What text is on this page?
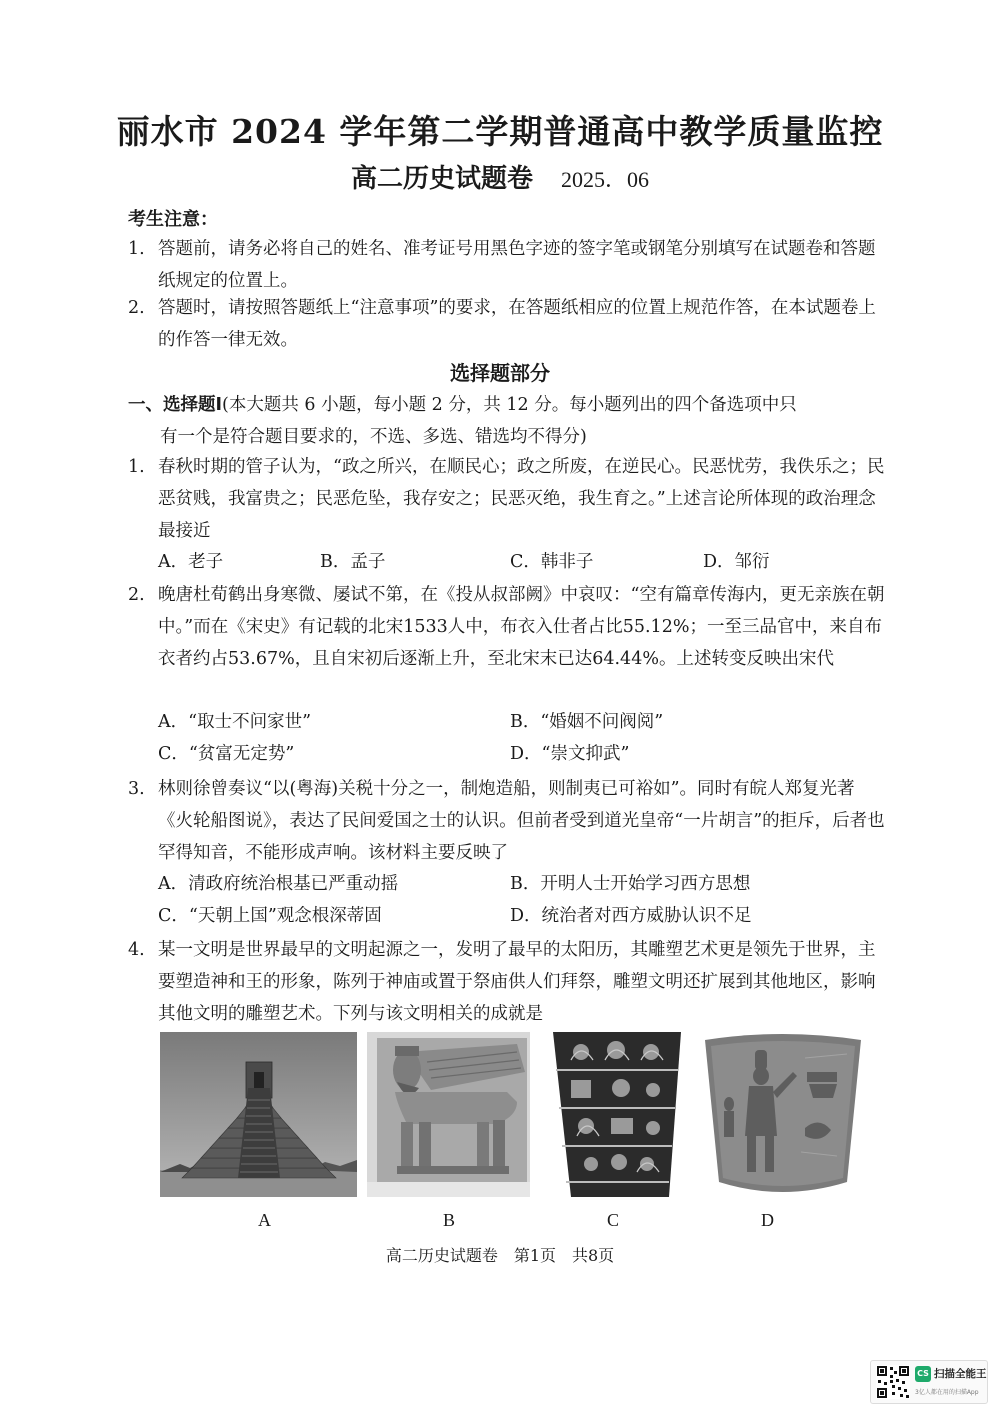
丽水市 2024 学年第二学期普通高中教学质量监控
高二历史试题卷 2025．06
考生注意：
1. 答题前，请务必将自己的姓名、准考证号用黑色字迹的签字笔或钢笔分别填写在试题卷和答题纸规定的位置上。
2. 答题时，请按照答题纸上“注意事项”的要求，在答题纸相应的位置上规范作答，在本试题卷上的作答一律无效。
选择题部分
一、选择题Ⅰ(本大题共 6 小题，每小题 2 分，共 12 分。每小题列出的四个备选项中只
有一个是符合题目要求的，不选、多选、错选均不得分)
1. 春秋时期的管子认为，“政之所兴，在顺民心；政之所废，在逆民心。民恶忧劳，我佚乐之；民恶贫贱，我富贵之；民恶危坠，我存安之；民恶灭绝，我生育之。”上述言论所体现的政治理念最接近
A．老子	B．孟子	C．韩非子	D．邹衍
2. 晚唐杜荀鹤出身寒微、屡试不第，在《投从叔部阙》中哀叹：“空有篇章传海内，更无亲族在朝中。”而在《宋史》有记载的北宋1533人中，布衣入仕者占比55.12%；一至三品官中，来自布衣者约占53.67%，且自宋初后逐渐上升，至北宋末已达64.44%。上述转变反映出宋代
A．“取士不问家世”	B．“婚姻不问阀阅”
C．“贫富无定势”	D．“崇文抑武”
3. 林则徐曾奏议“以(粤海)关税十分之一，制炮造船，则制夷已可裕如”。同时有皖人郑复光著《火轮船图说》，表达了民间爱国之士的认识。但前者受到道光皇帝“一片胡言”的拒斥，后者也罕得知音，不能形成声响。该材料主要反映了
A．清政府统治根基已严重动摇	B．开明人士开始学习西方思想
C．“天朝上国”观念根深蒂固	D．统治者对西方威胁认识不足
4. 某一文明是世界最早的文明起源之一，发明了最早的太阳历，其雕塑艺术更是领先于世界，主要塑造神和王的形象，陈列于神庙或置于祭庙供人们拜祭，雕塑文明还扩展到其他地区，影响其他文明的雕塑艺术。下列与该文明相关的成就是
A	B	C	D
高二历史试题卷　第1页　共8页
CS 扫描全能王
3亿人都在用的扫描App
